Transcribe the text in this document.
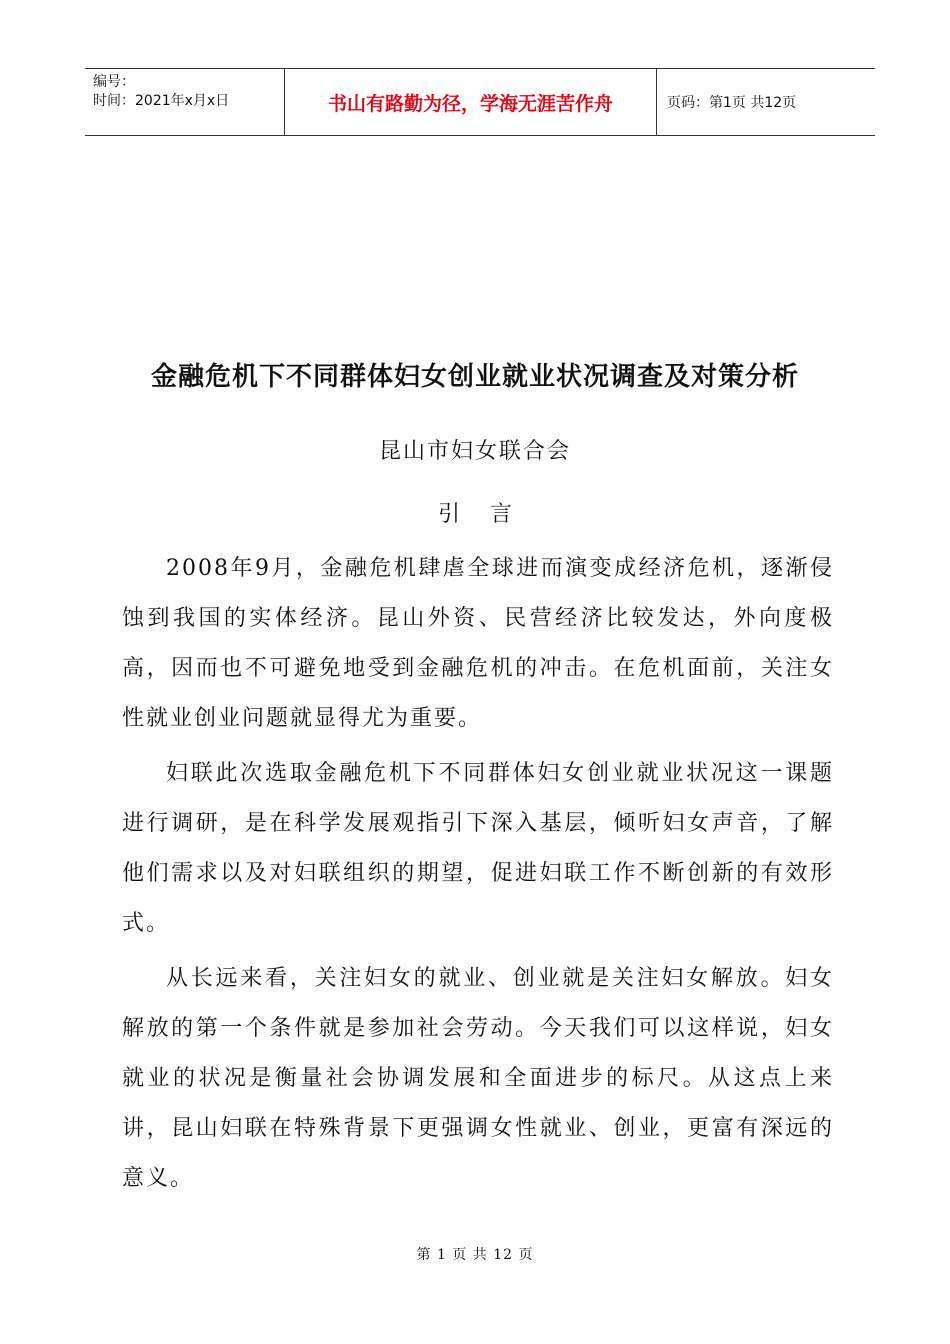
编号：
时间：2021年x月x日	书山有路勤为径，学海无涯苦作舟	页码：第1页 共12页
金融危机下不同群体妇女创业就业状况调查及对策分析
昆山市妇女联合会
引言

2008年9月，金融危机肆虐全球进而演变成经济危机，逐渐侵蚀到我国的实体经济。昆山外资、民营经济比较发达，外向度极高，因而也不可避免地受到金融危机的冲击。在危机面前，关注女性就业创业问题就显得尤为重要。

妇联此次选取金融危机下不同群体妇女创业就业状况这一课题进行调研，是在科学发展观指引下深入基层，倾听妇女声音，了解他们需求以及对妇联组织的期望，促进妇联工作不断创新的有效形式。

从长远来看，关注妇女的就业、创业就是关注妇女解放。妇女解放的第一个条件就是参加社会劳动。今天我们可以这样说，妇女就业的状况是衡量社会协调发展和全面进步的标尺。从这点上来讲，昆山妇联在特殊背景下更强调女性就业、创业，更富有深远的意义。

第 1 页 共 12 页
